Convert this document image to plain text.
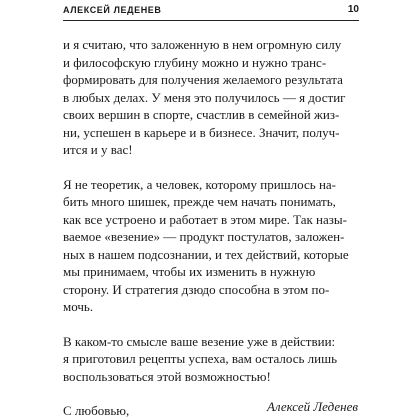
АЛЕКСЕЙ ЛЕДЕНЕВ	10

и я считаю, что заложенную в нем огромную силу

и философскую глубину можно и нужно транс-

формировать для получения желаемого результата

в любых делах. У меня это получилось — я достиг

своих вершин в спорте, счастлив в семейной жиз-

ни, успешен в карьере и в бизнесе. Значит, получ-

ится и у вас!

Я не теоретик, а человек, которому пришлось на-

бить много шишек, прежде чем начать понимать,

как все устроено и работает в этом мире. Так назы-

ваемое «везение» — продукт постулатов, заложен-

ных в нашем подсознании, и тех действий, которые

мы принимаем, чтобы их изменить в нужную

сторону. И стратегия дзюдо способна в этом по-

мочь.

В каком-то смысле ваше везение уже в действии:

я приготовил рецепты успеха, вам осталось лишь

воспользоваться этой возможностью!

С любовью,	Алексей Леденев
